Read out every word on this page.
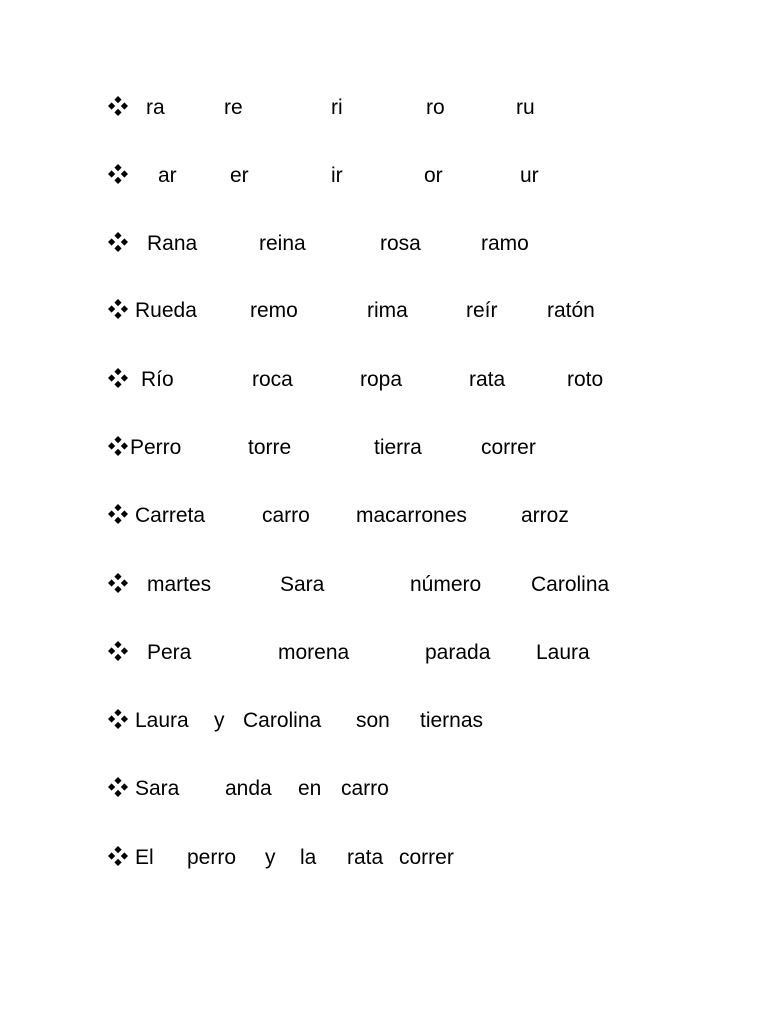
ra	re	ri	ro	ru
ar	er	ir	or	ur
Rana	reina	rosa	ramo
Rueda	remo	rima	reír ratón
Río	roca	ropa	rata	roto
Perro	torre	tierra	correr
Carreta	carro macarrones	arroz
martes	Sara	número Carolina
Pera	morena	parada Laura
Laura y Carolina son tiernas
Sara anda en carro
El perro y la rata correr
